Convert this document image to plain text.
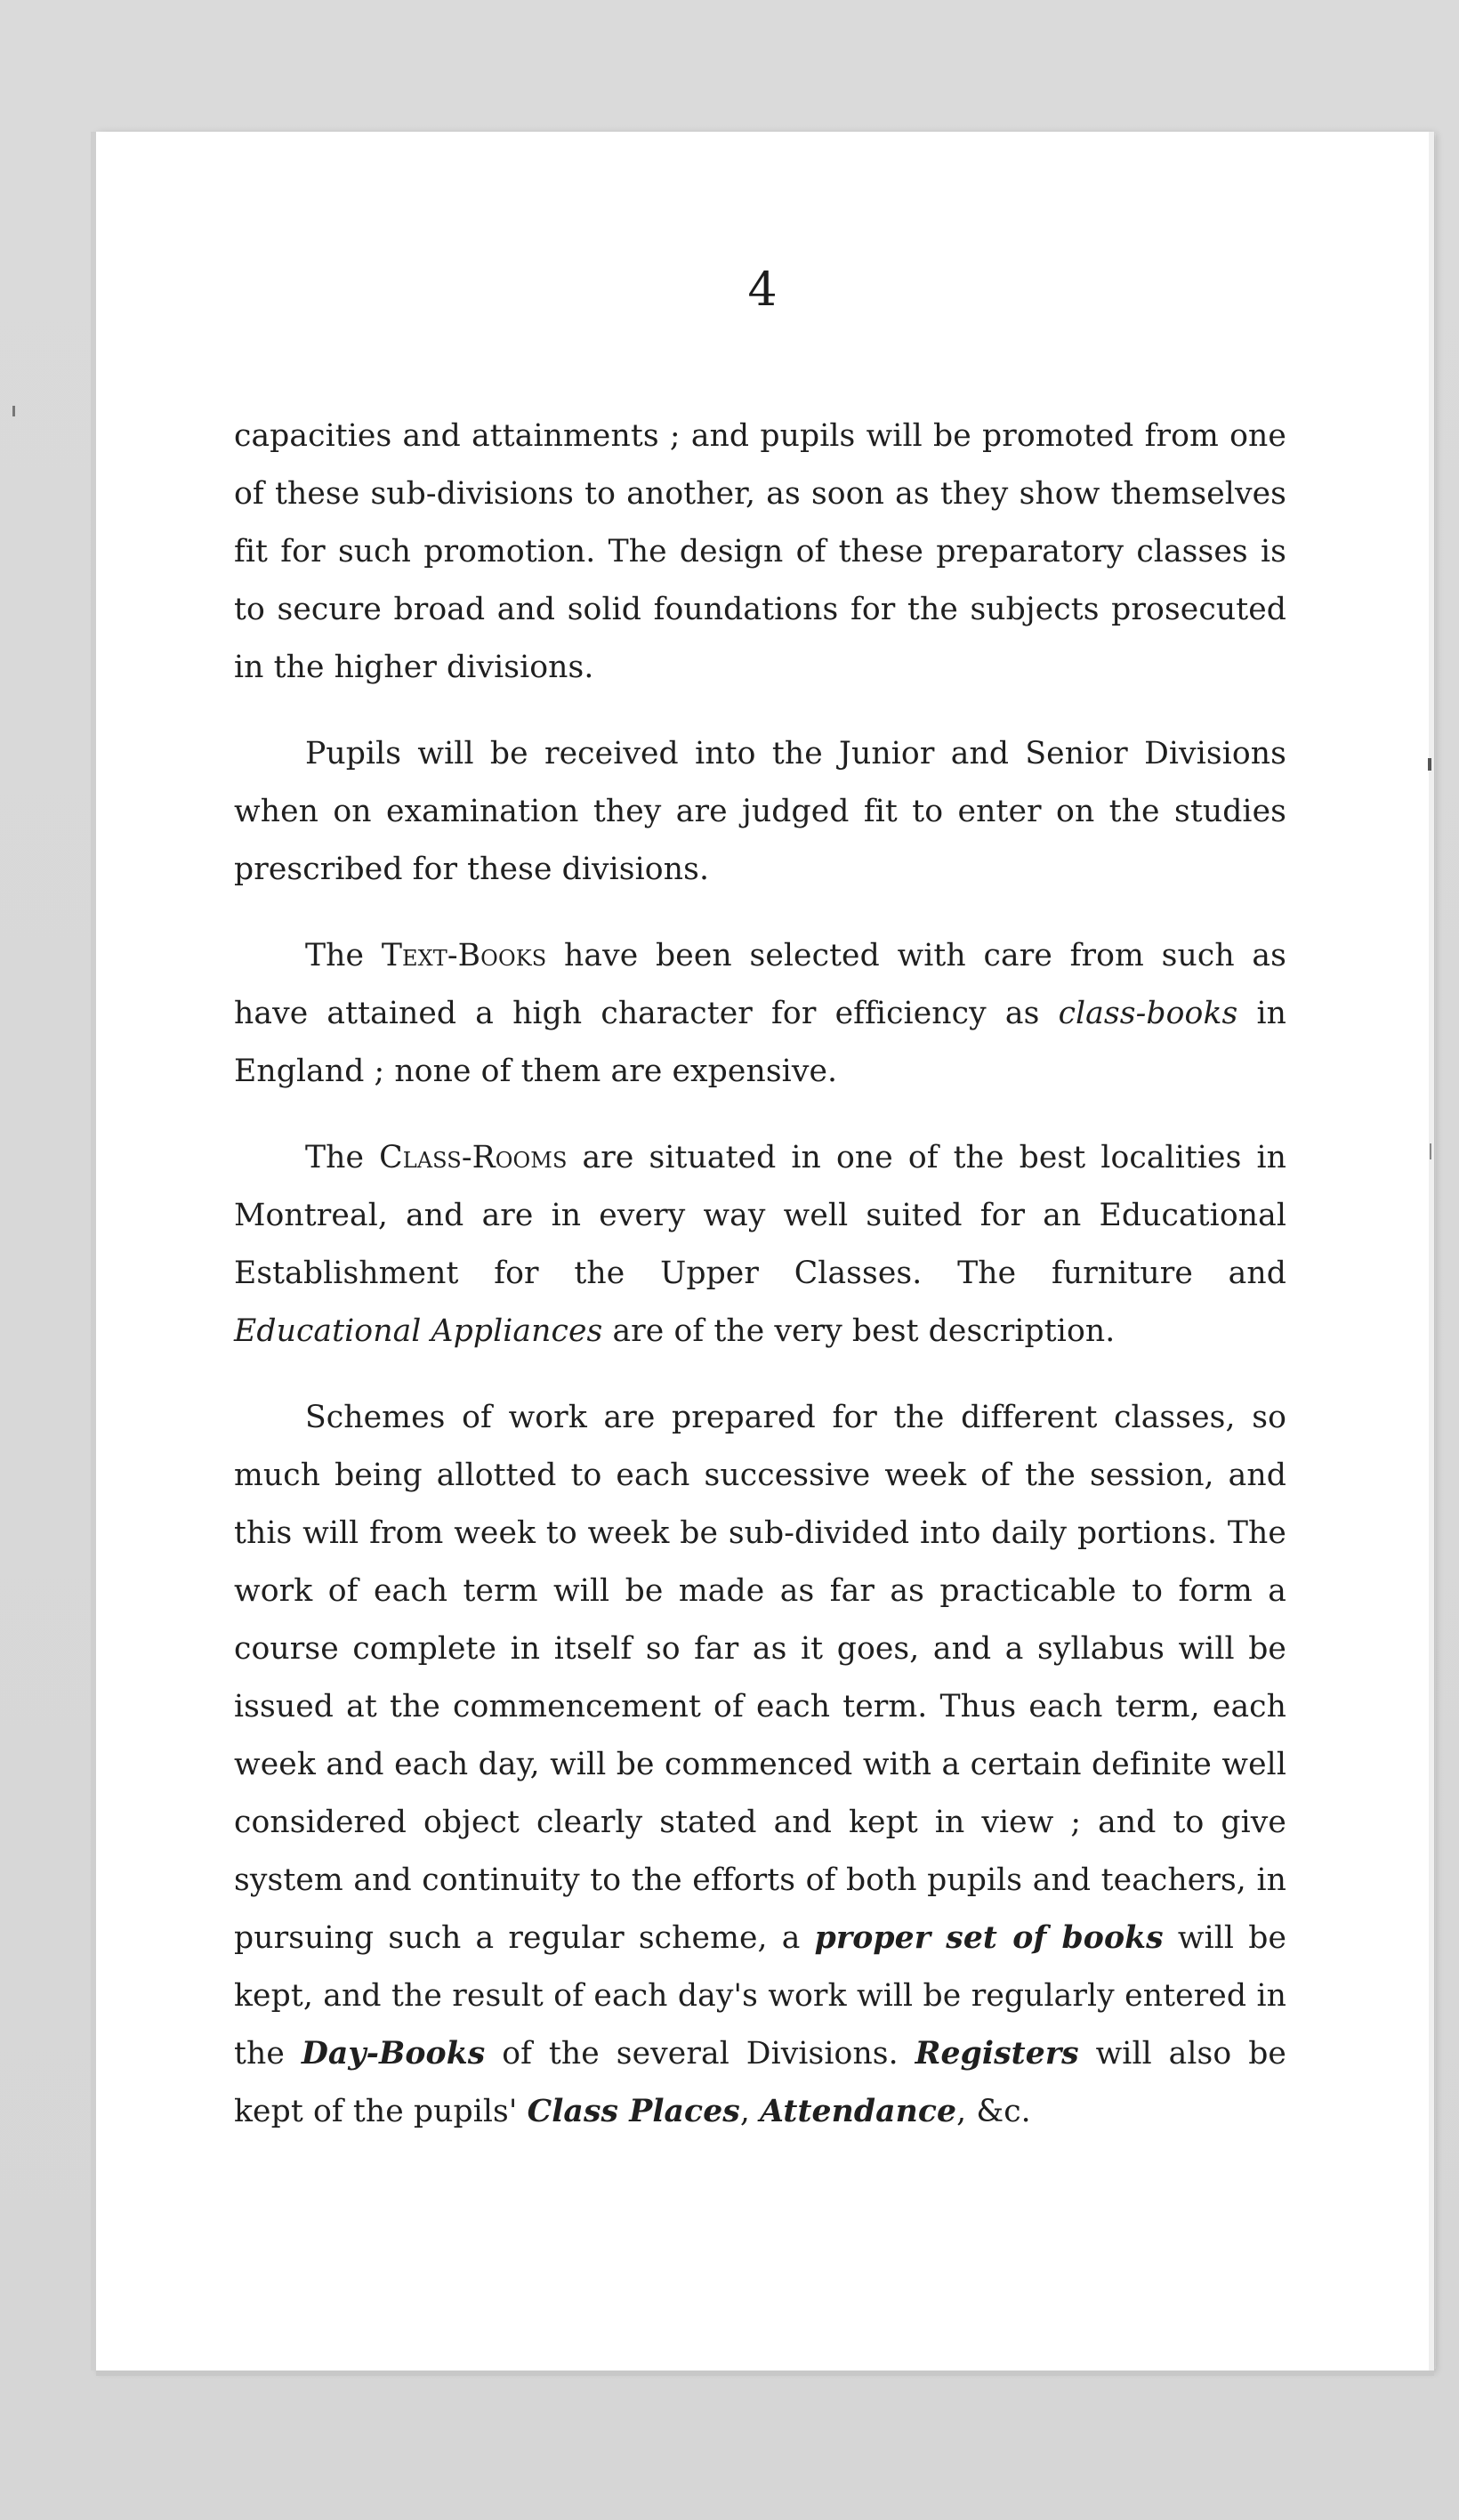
4

capacities and attainments ; and pupils will be promoted from one of these sub-divisions to another, as soon as they show themselves fit for such promotion. The design of these preparatory classes is to secure broad and solid foundations for the subjects prosecuted in the higher divisions.

Pupils will be received into the Junior and Senior Divisions when on examination they are judged fit to enter on the studies prescribed for these divisions.

The Text-Books have been selected with care from such as have attained a high character for efficiency as class-books in England ; none of them are expensive.

The Class-Rooms are situated in one of the best localities in Montreal, and are in every way well suited for an Educational Establishment for the Upper Classes. The furniture and Educational Appliances are of the very best description.

Schemes of work are prepared for the different classes, so much being allotted to each successive week of the session, and this will from week to week be sub-divided into daily portions. The work of each term will be made as far as practicable to form a course complete in itself so far as it goes, and a syllabus will be issued at the commencement of each term. Thus each term, each week and each day, will be commenced with a certain definite well considered object clearly stated and kept in view ; and to give system and continuity to the efforts of both pupils and teachers, in pursuing such a regular scheme, a proper set of books will be kept, and the result of each day's work will be regularly entered in the Day-Books of the several Divisions. Registers will also be kept of the pupils' Class Places, Attendance, &c.
